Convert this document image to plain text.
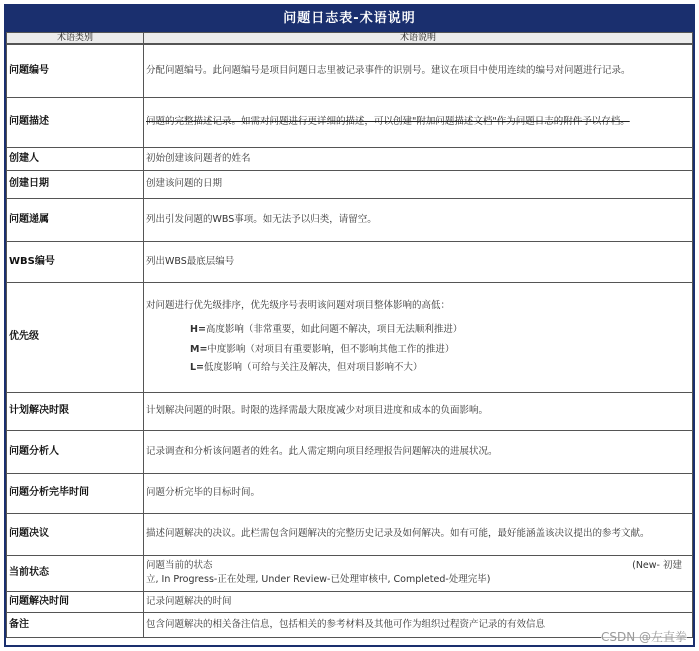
问题日志表-术语说明
术语类别	术语说明
问题编号	分配问题编号。此问题编号是项目问题日志里被记录事件的识别号。建议在项目中使用连续的编号对问题进行记录。
问题描述	问题的完整描述记录。如需对问题进行更详细的描述，可以创建"附加问题描述文档"作为问题日志的附件予以存档。
创建人	初始创建该问题者的姓名
创建日期	创建该问题的日期
问题递属	列出引发问题的WBS事项。如无法予以归类，请留空。
WBS编号	列出WBS最底层编号
优先级	对问题进行优先级排序，优先级序号表明该问题对项目整体影响的高低：
H=高度影响（非常重要，如此问题不解决，项目无法顺利推进）
M=中度影响（对项目有重要影响，但不影响其他工作的推进）
L=低度影响（可给与关注及解决，但对项目影响不大）

计划解决时限	计划解决问题的时限。时限的选择需最大限度减少对项目进度和成本的负面影响。
问题分析人	记录调查和分析该问题者的姓名。此人需定期向项目经理报告问题解决的进展状况。
问题分析完毕时间	问题分析完毕的目标时间。
问题决议	描述问题解决的决议。此栏需包含问题解决的完整历史记录及如何解决。如有可能，最好能涵盖该决议提出的参考文献。
当前状态	问题当前的状态 (New- 初建
立, In Progress-正在处理, Under Review-已处理审核中, Completed-处理完毕)

问题解决时间	记录问题解决的时间
备注	包含问题解决的相关备注信息，包括相关的参考材料及其他可作为组织过程资产记录的有效信息
CSDN @左直拳
